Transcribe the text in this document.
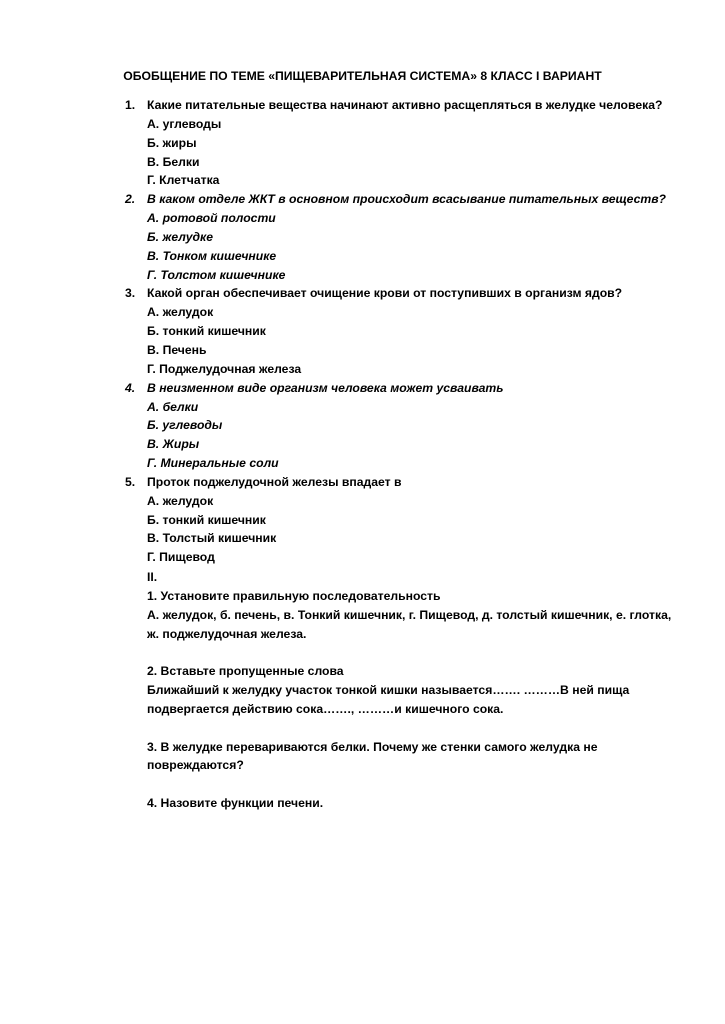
ОБОБЩЕНИЕ ПО ТЕМЕ «ПИЩЕВАРИТЕЛЬНАЯ СИСТЕМА» 8 КЛАСС I ВАРИАНТ
1. Какие питательные вещества начинают активно расщепляться в желудке человека?
А. углеводы
Б. жиры
В. Белки
Г. Клетчатка
2. В каком отделе ЖКТ в основном происходит всасывание питательных веществ?
А. ротовой полости
Б. желудке
В. Тонком кишечнике
Г. Толстом кишечнике
3. Какой орган обеспечивает очищение крови от поступивших в организм ядов?
А. желудок
Б. тонкий кишечник
В. Печень
Г. Поджелудочная железа
4. В неизменном виде организм человека может усваивать
А. белки
Б. углеводы
В. Жиры
Г. Минеральные соли
5. Проток поджелудочной железы впадает в
А. желудок
Б. тонкий кишечник
В. Толстый кишечник
Г. Пищевод
II.
1. Установите правильную последовательность
А. желудок, б. печень, в. Тонкий кишечник, г. Пищевод, д. толстый кишечник, е. глотка,
ж. поджелудочная железа.
2. Вставьте пропущенные слова
Ближайший к желудку участок тонкой кишки называется……. ………В ней пища
подвергается действию сока……., ………и кишечного сока.
3. В желудке перевариваются белки. Почему же стенки самого желудка не
повреждаются?
4. Назовите функции печени.
